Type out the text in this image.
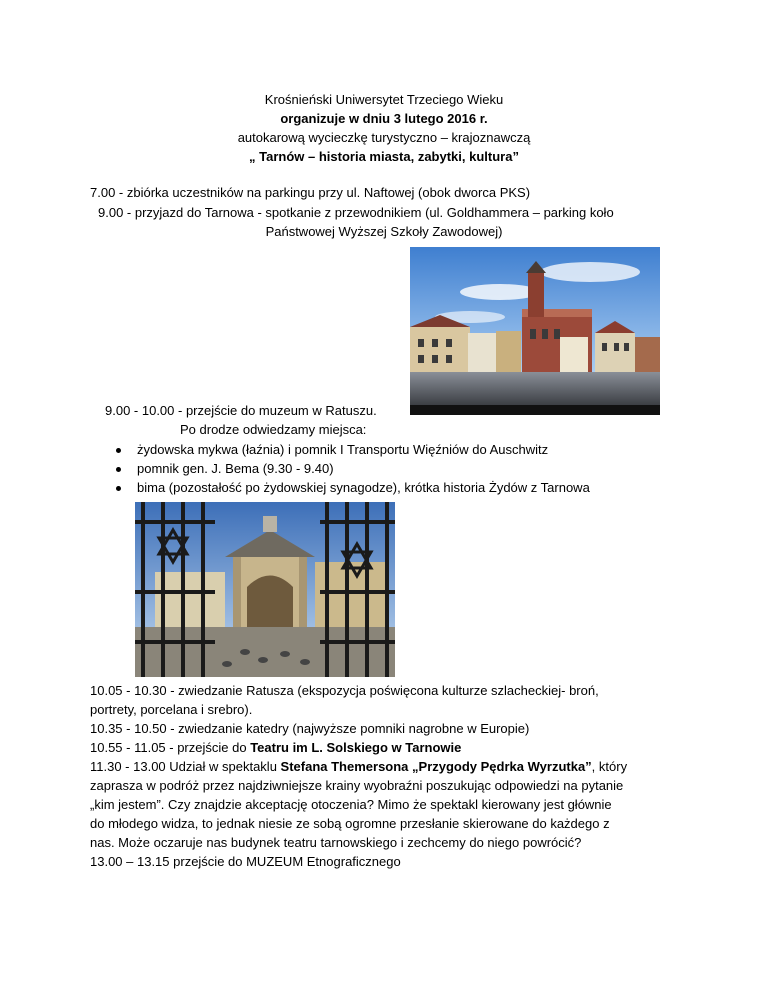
Krośnieński Uniwersytet Trzeciego Wieku
organizuje w dniu 3 lutego 2016 r.
autokarową wycieczkę turystyczno – krajoznawczą
„ Tarnów – historia miasta, zabytki, kultura”
7.00 - zbiórka uczestników na parkingu przy ul. Naftowej (obok dworca PKS)
9.00 - przyjazd do Tarnowa - spotkanie z przewodnikiem (ul. Goldhammera – parking koło
Państwowej Wyższej Szkoły Zawodowej)
9.00 - 10.00 - przejście do muzeum w Ratuszu.
Po drodze odwiedzamy miejsca:
żydowska mykwa (łaźnia) i pomnik I Transportu Więźniów do Auschwitz
pomnik gen. J. Bema (9.30 - 9.40)
bima (pozostałość po żydowskiej synagodze), krótka historia Żydów z Tarnowa
10.05 - 10.30 - zwiedzanie Ratusza (ekspozycja poświęcona kulturze szlacheckiej- broń,
portrety, porcelana i srebro).
10.35 - 10.50 - zwiedzanie katedry (najwyższe pomniki nagrobne w Europie)
10.55 - 11.05 - przejście do Teatru im L. Solskiego w Tarnowie
11.30 - 13.00 Udział w spektaklu Stefana Themersona „Przygody Pędrka Wyrzutka”, który
zaprasza w podróż przez najdziwniejsze krainy wyobraźni poszukując odpowiedzi na pytanie
„kim jestem”. Czy znajdzie akceptację otoczenia? Mimo że spektakl kierowany jest głównie
do młodego widza, to jednak niesie ze sobą ogromne przesłanie skierowane do każdego z
nas. Może oczaruje nas budynek teatru tarnowskiego i zechcemy do niego powrócić?
13.00 – 13.15 przejście do MUZEUM Etnograficznego
